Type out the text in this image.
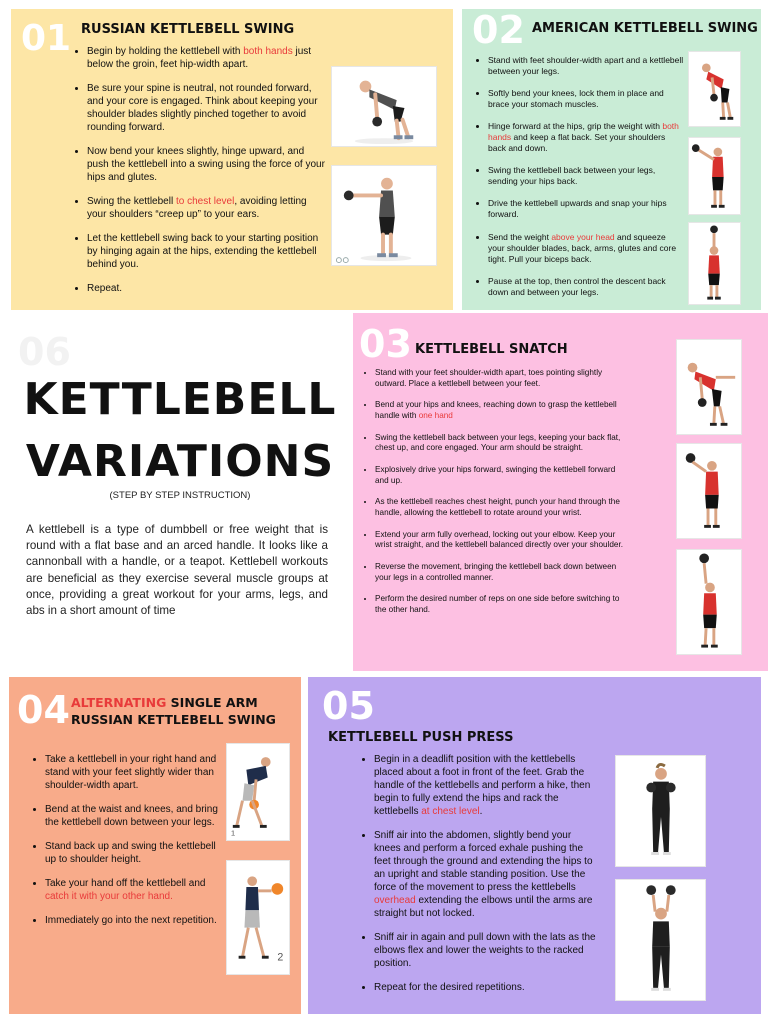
01 RUSSIAN KETTLEBELL SWING
• Begin by holding the kettlebell with both hands just below the groin, feet hip-width apart.
• Be sure your spine is neutral, not rounded forward, and your core is engaged. Think about keeping your shoulder blades slightly pinched together to avoid rounding forward.
• Now bend your knees slightly, hinge upward, and push the kettlebell into a swing using the force of your hips and glutes.
• Swing the kettlebell to chest level, avoiding letting your shoulders “creep up” to your ears.
• Let the kettlebell swing back to your starting position by hinging again at the hips, extending the kettlebell behind you.
• Repeat.
02 AMERICAN KETTLEBELL SWING
• Stand with feet shoulder-width apart and a kettlebell between your legs.
• Softly bend your knees, lock them in place and brace your stomach muscles.
• Hinge forward at the hips, grip the weight with both hands and keep a flat back. Set your shoulders back and down.
• Swing the kettlebell back between your legs, sending your hips back.
• Drive the kettlebell upwards and snap your hips forward.
• Send the weight above your head and squeeze your shoulder blades, back, arms, glutes and core tight. Pull your biceps back.
• Pause at the top, then control the descent back down and between your legs.
06
KETTLEBELL
VARIATIONS
(STEP BY STEP INSTRUCTION)

A kettlebell is a type of dumbbell or free weight that is round with a flat base and an arced handle. It looks like a cannonball with a handle, or a teapot. Kettlebell workouts are beneficial as they exercise several muscle groups at once, providing a great workout for your arms, legs, and abs in a short amount of time

03 KETTLEBELL SNATCH
• Stand with your feet shoulder-width apart, toes pointing slightly outward. Place a kettlebell between your feet.
• Bend at your hips and knees, reaching down to grasp the kettlebell handle with one hand
• Swing the kettlebell back between your legs, keeping your back flat, chest up, and core engaged. Your arm should be straight.
• Explosively drive your hips forward, swinging the kettlebell forward and up.
• As the kettlebell reaches chest height, punch your hand through the handle, allowing the kettlebell to rotate around your wrist.
• Extend your arm fully overhead, locking out your elbow. Keep your wrist straight, and the kettlebell balanced directly over your shoulder.
• Reverse the movement, bringing the kettlebell back down between your legs in a controlled manner.
• Perform the desired number of reps on one side before switching to the other hand.
04 ALTERNATING SINGLE ARM RUSSIAN KETTLEBELL SWING
• Take a kettlebell in your right hand and stand with your feet slightly wider than shoulder-width apart.
• Bend at the waist and knees, and bring the kettlebell down between your legs.
• Stand back up and swing the kettlebell up to shoulder height.
• Take your hand off the kettlebell and catch it with your other hand.
• Immediately go into the next repetition.
1
2
05
KETTLEBELL PUSH PRESS
• Begin in a deadlift position with the kettlebells placed about a foot in front of the feet. Grab the handle of the kettlebells and perform a hike, then begin to fully extend the hips and rack the kettlebells at chest level.
• Sniff air into the abdomen, slightly bend your knees and perform a forced exhale pushing the feet through the ground and extending the hips to an upright and stable standing position. Use the force of the movement to press the kettlebells overhead extending the elbows until the arms are straight but not locked.
• Sniff air in again and pull down with the lats as the elbows flex and lower the weights to the racked position.
• Repeat for the desired repetitions.
